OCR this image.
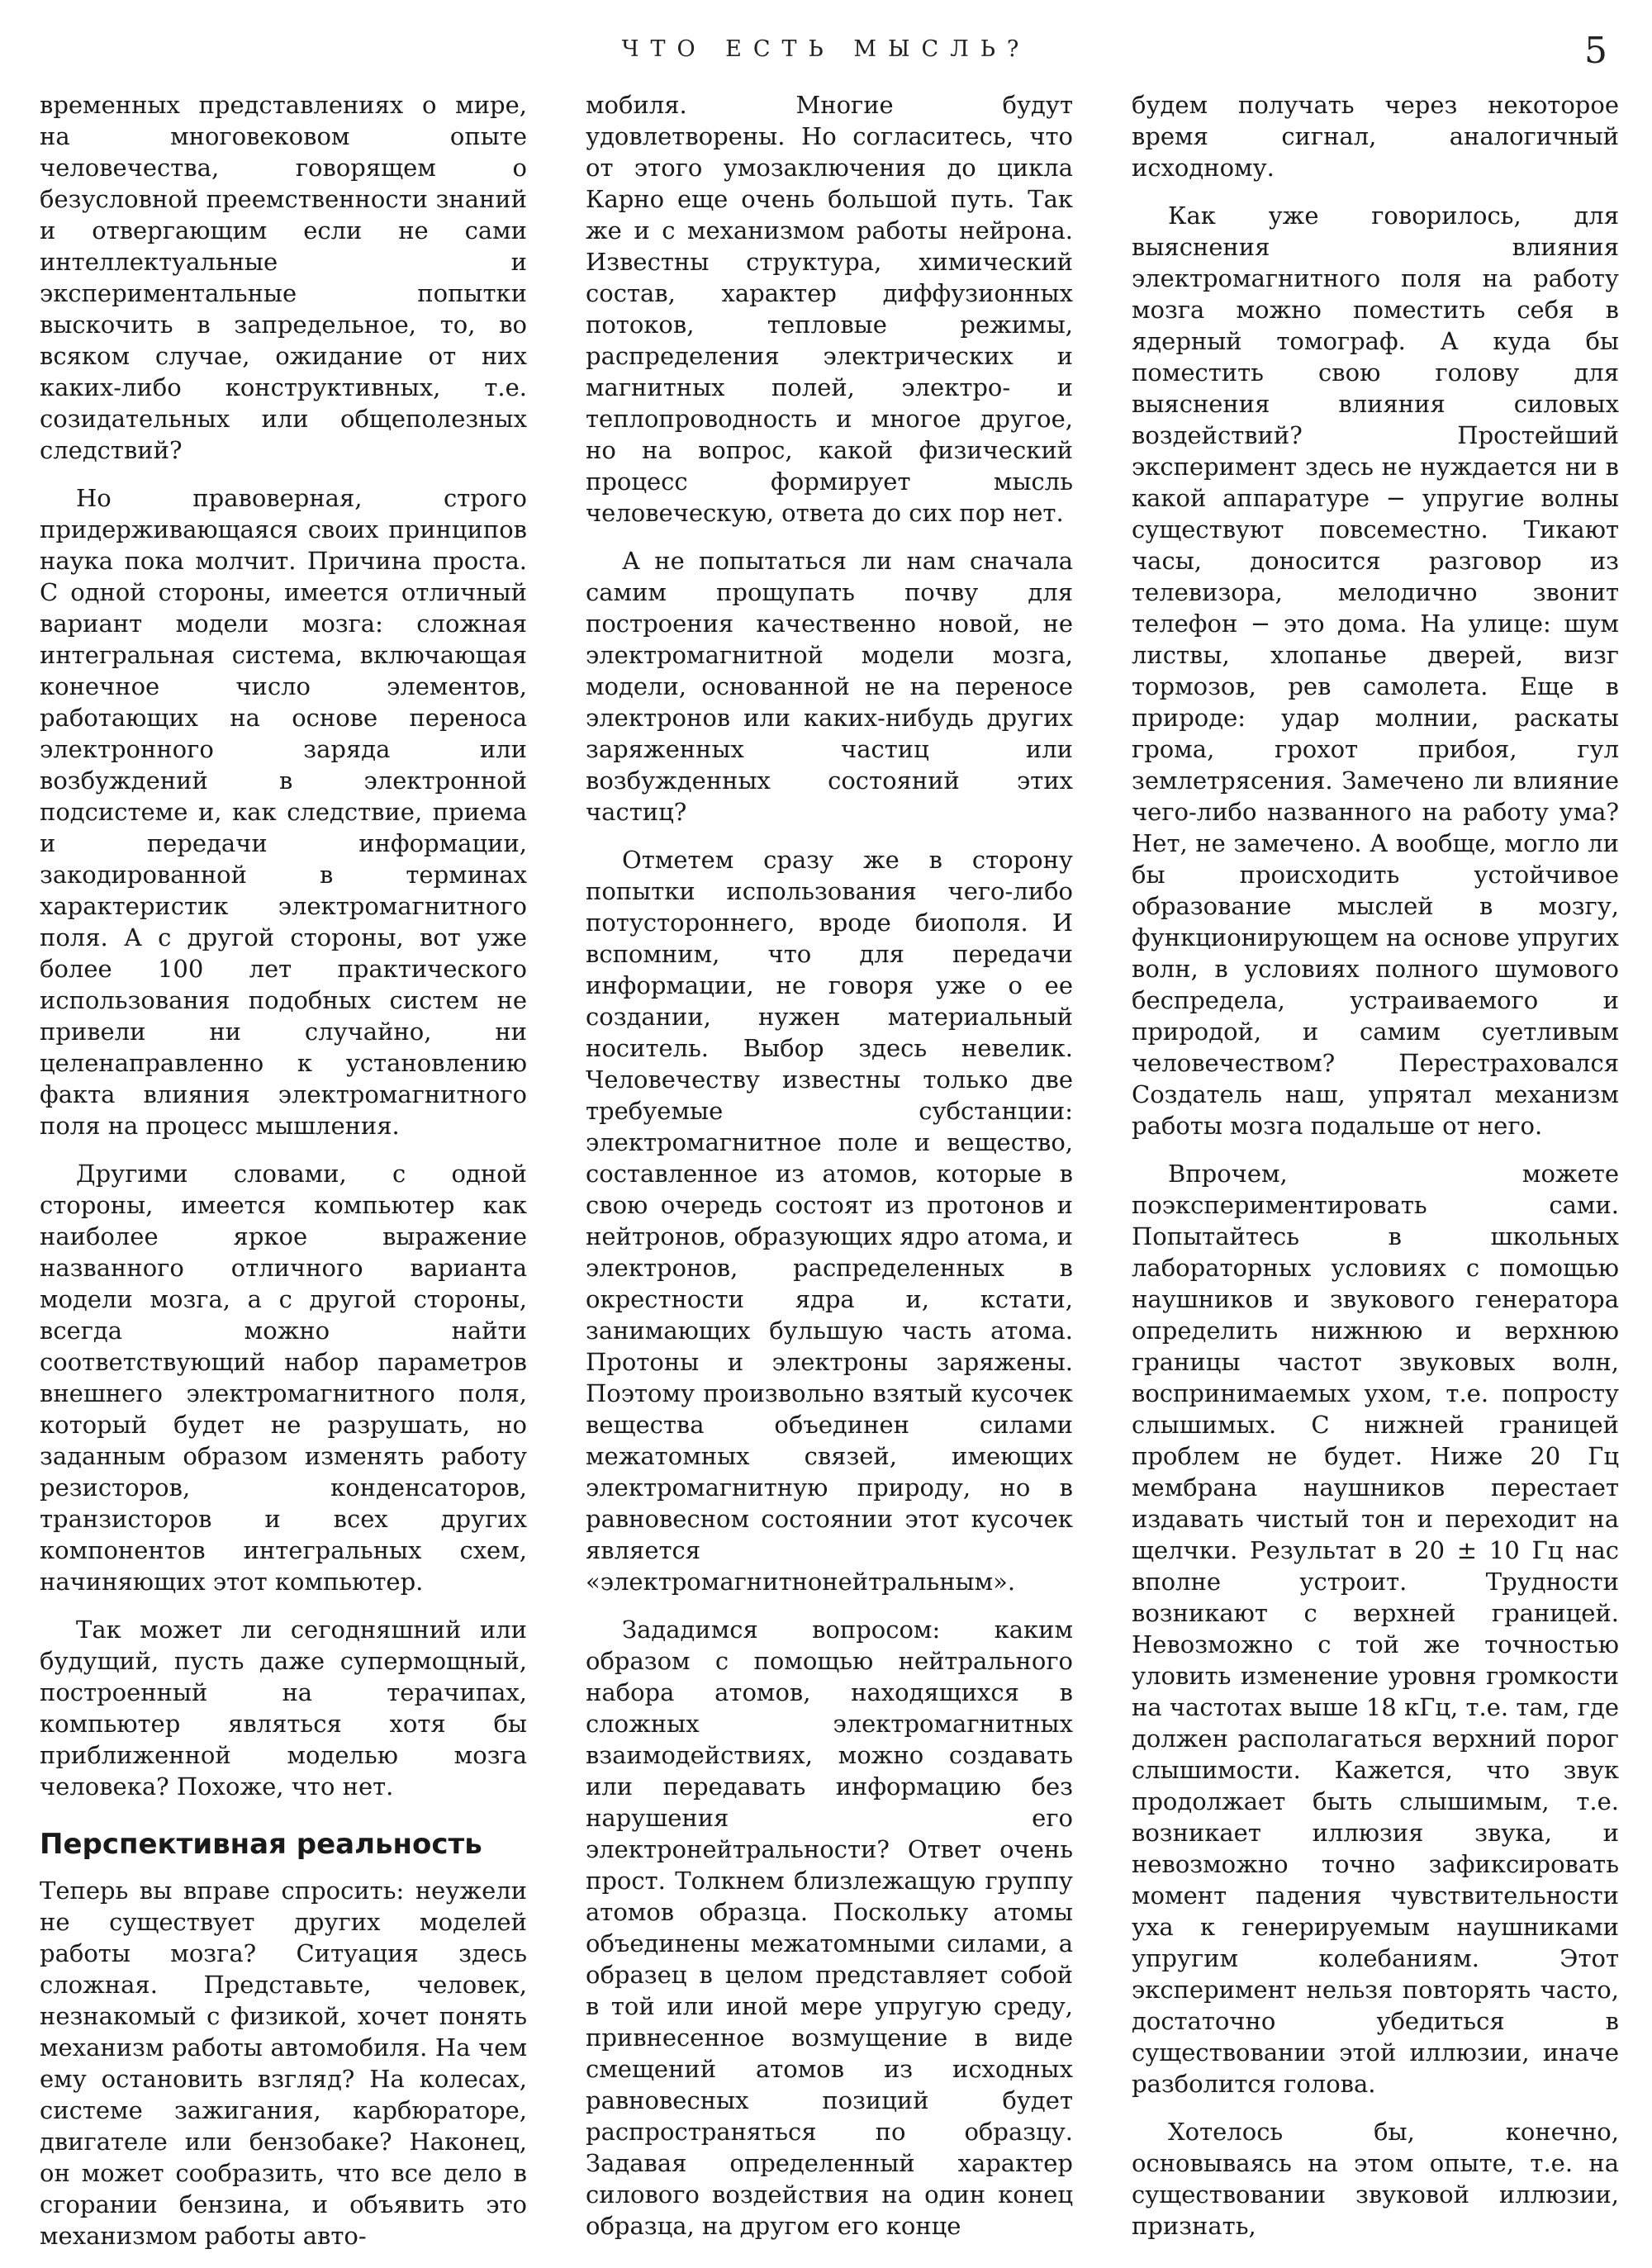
ЧТО ЕСТЬ МЫСЛЬ?	5

временных представлениях о мире, на многовековом опыте человечества, говорящем о безусловной преемственности знаний и отвергающим если не сами интеллектуальные и экспериментальные попытки выскочить в запредельное, то, во всяком случае, ожидание от них каких-либо конструктивных, т.е. созидательных или общеполезных следствий?

Но правоверная, строго придерживающаяся своих принципов наука пока молчит. Причина проста. С одной стороны, имеется отличный вариант модели мозга: сложная интегральная система, включающая конечное число элементов, работающих на основе переноса электронного заряда или возбуждений в электронной подсистеме и, как следствие, приема и передачи информации, закодированной в терминах характеристик электромагнитного поля. А с другой стороны, вот уже более 100 лет практического использования подобных систем не привели ни случайно, ни целенаправленно к установлению факта влияния электромагнитного поля на процесс мышления.

Другими словами, с одной стороны, имеется компьютер как наиболее яркое выражение названного отличного варианта модели мозга, а с другой стороны, всегда можно найти соответствующий набор параметров внешнего электромагнитного поля, который будет не разрушать, но заданным образом изменять работу резисторов, конденсаторов, транзисторов и всех других компонентов интегральных схем, начиняющих этот компьютер.

Так может ли сегодняшний или будущий, пусть даже супермощный, построенный на терачипах, компьютер являться хотя бы приближенной моделью мозга человека? Похоже, что нет.

Перспективная реальность

Теперь вы вправе спросить: неужели не существует других моделей работы мозга? Ситуация здесь сложная. Представьте, человек, незнакомый с физикой, хочет понять механизм работы автомобиля. На чем ему остановить взгляд? На колесах, системе зажигания, карбюраторе, двигателе или бензобаке? Наконец, он может сообразить, что все дело в сгорании бензина, и объявить это механизмом работы авто-

мобиля. Многие будут удовлетворены. Но согласитесь, что от этого умозаключения до цикла Карно еще очень большой путь. Так же и с механизмом работы нейрона. Известны структура, химический состав, характер диффузионных потоков, тепловые режимы, распределения электрических и магнитных полей, электро- и теплопроводность и многое другое, но на вопрос, какой физический процесс формирует мысль человеческую, ответа до сих пор нет.

А не попытаться ли нам сначала самим прощупать почву для построения качественно новой, не электромагнитной модели мозга, модели, основанной не на переносе электронов или каких-нибудь других заряженных частиц или возбужденных состояний этих частиц?

Отметем сразу же в сторону попытки использования чего-либо потустороннего, вроде биополя. И вспомним, что для передачи информации, не говоря уже о ее создании, нужен материальный носитель. Выбор здесь невелик. Человечеству известны только две требуемые субстанции: электромагнитное поле и вещество, составленное из атомов, которые в свою очередь состоят из протонов и нейтронов, образующих ядро атома, и электронов, распределенных в окрестности ядра и, кстати, занимающих бульшую часть атома. Протоны и электроны заряжены. Поэтому произвольно взятый кусочек вещества объединен силами межатомных связей, имеющих электромагнитную природу, но в равновесном состоянии этот кусочек является «электромагнитнонейтральным».

Зададимся вопросом: каким образом с помощью нейтрального набора атомов, находящихся в сложных электромагнитных взаимодействиях, можно создавать или передавать информацию без нарушения его электронейтральности? Ответ очень прост. Толкнем близлежащую группу атомов образца. Поскольку атомы объединены межатомными силами, а образец в целом представляет собой в той или иной мере упругую среду, привнесенное возмущение в виде смещений атомов из исходных равновесных позиций будет распространяться по образцу. Задавая определенный характер силового воздействия на один конец образца, на другом его конце

будем получать через некоторое время сигнал, аналогичный исходному.

Как уже говорилось, для выяснения влияния электромагнитного поля на работу мозга можно поместить себя в ядерный томограф. А куда бы поместить свою голову для выяснения влияния силовых воздействий? Простейший эксперимент здесь не нуждается ни в какой аппаратуре − упругие волны существуют повсеместно. Тикают часы, доносится разговор из телевизора, мелодично звонит телефон − это дома. На улице: шум листвы, хлопанье дверей, визг тормозов, рев самолета. Еще в природе: удар молнии, раскаты грома, грохот прибоя, гул землетрясения. Замечено ли влияние чего-либо названного на работу ума? Нет, не замечено. А вообще, могло ли бы происходить устойчивое образование мыслей в мозгу, функционирующем на основе упругих волн, в условиях полного шумового беспредела, устраиваемого и природой, и самим суетливым человечеством? Перестраховался Создатель наш, упрятал механизм работы мозга подальше от него.

Впрочем, можете поэкспериментировать сами. Попытайтесь в школьных лабораторных условиях с помощью наушников и звукового генератора определить нижнюю и верхнюю границы частот звуковых волн, воспринимаемых ухом, т.е. попросту слышимых. С нижней границей проблем не будет. Ниже 20 Гц мембрана наушников перестает издавать чистый тон и переходит на щелчки. Результат в 20 ± 10 Гц нас вполне устроит. Трудности возникают с верхней границей. Невозможно с той же точностью уловить изменение уровня громкости на частотах выше 18 кГц, т.е. там, где должен располагаться верхний порог слышимости. Кажется, что звук продолжает быть слышимым, т.е. возникает иллюзия звука, и невозможно точно зафиксировать момент падения чувствительности уха к генерируемым наушниками упругим колебаниям. Этот эксперимент нельзя повторять часто, достаточно убедиться в существовании этой иллюзии, иначе разболится голова.

Хотелось бы, конечно, основываясь на этом опыте, т.е. на существовании звуковой иллюзии, признать,
